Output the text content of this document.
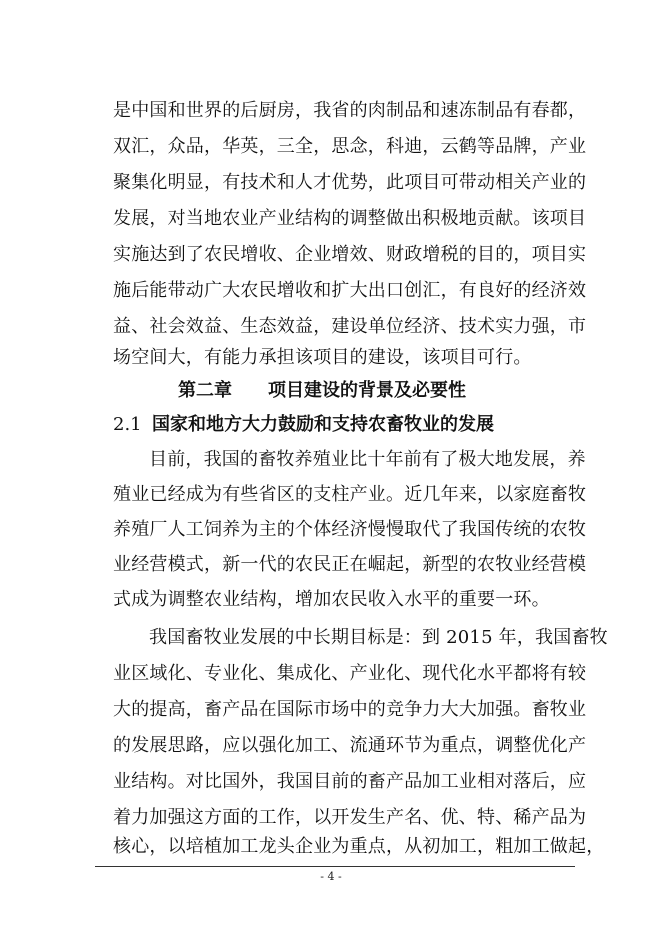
是中国和世界的后厨房，我省的肉制品和速冻制品有春都，
双汇，众品，华英，三全，思念，科迪，云鹤等品牌，产业
聚集化明显，有技术和人才优势，此项目可带动相关产业的
发展，对当地农业产业结构的调整做出积极地贡献。该项目
实施达到了农民增收、企业增效、财政增税的目的，项目实
施后能带动广大农民增收和扩大出口创汇，有良好的经济效
益、社会效益、生态效益，建设单位经济、技术实力强，市
场空间大，有能力承担该项目的建设，该项目可行。
第二章 项目建设的背景及必要性
2.1 国家和地方大力鼓励和支持农畜牧业的发展
目前，我国的畜牧养殖业比十年前有了极大地发展，养
殖业已经成为有些省区的支柱产业。近几年来，以家庭畜牧
养殖厂人工饲养为主的个体经济慢慢取代了我国传统的农牧
业经营模式，新一代的农民正在崛起，新型的农牧业经营模
式成为调整农业结构，增加农民收入水平的重要一环。
我国畜牧业发展的中长期目标是：到 2015 年，我国畜牧
业区域化、专业化、集成化、产业化、现代化水平都将有较
大的提高，畜产品在国际市场中的竞争力大大加强。畜牧业
的发展思路，应以强化加工、流通环节为重点，调整优化产
业结构。对比国外，我国目前的畜产品加工业相对落后，应
着力加强这方面的工作，以开发生产名、优、特、稀产品为
核心，以培植加工龙头企业为重点，从初加工，粗加工做起，
- 4 -
